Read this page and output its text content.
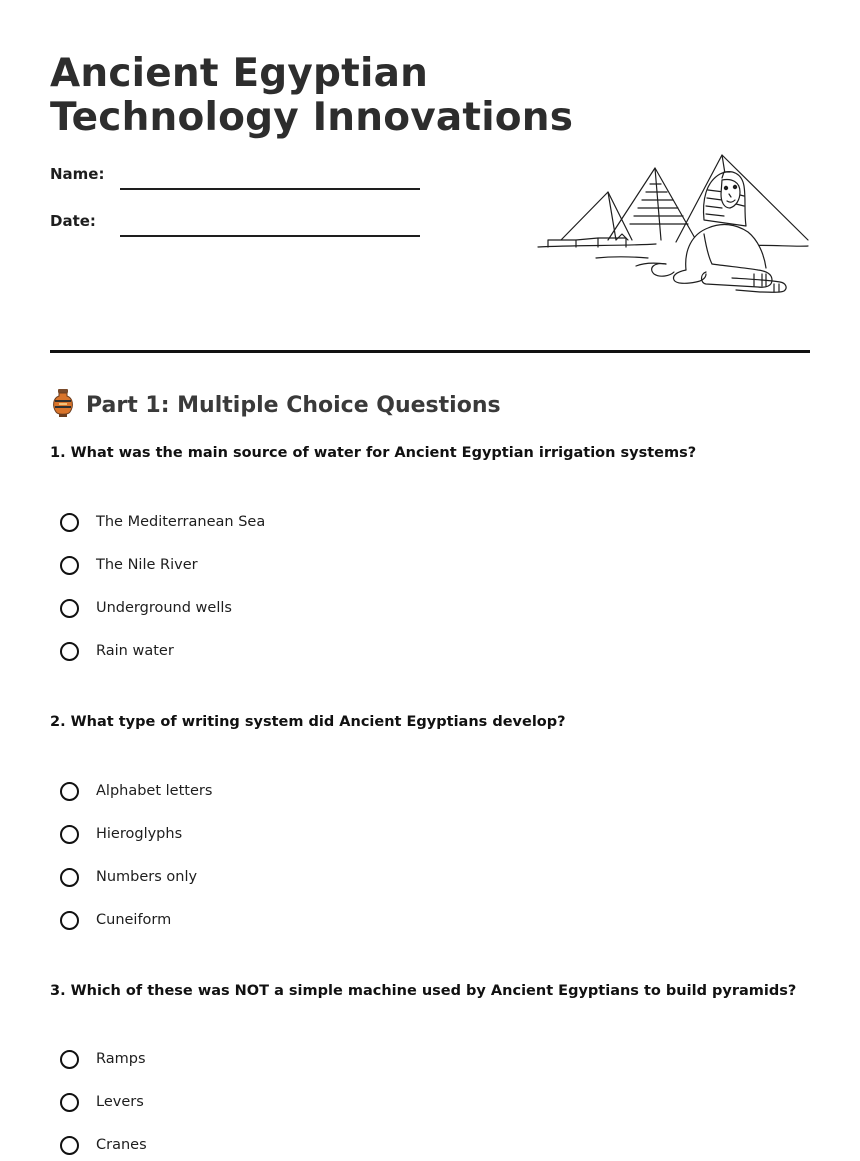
Ancient Egyptian
Technology Innovations
Name:
Date:
Part 1: Multiple Choice Questions

1. What was the main source of water for Ancient Egyptian irrigation systems?

The Mediterranean Sea
The Nile River
Underground wells
Rain water

2. What type of writing system did Ancient Egyptians develop?

Alphabet letters
Hieroglyphs
Numbers only
Cuneiform

3. Which of these was NOT a simple machine used by Ancient Egyptians to build pyramids?

Ramps
Levers
Cranes
